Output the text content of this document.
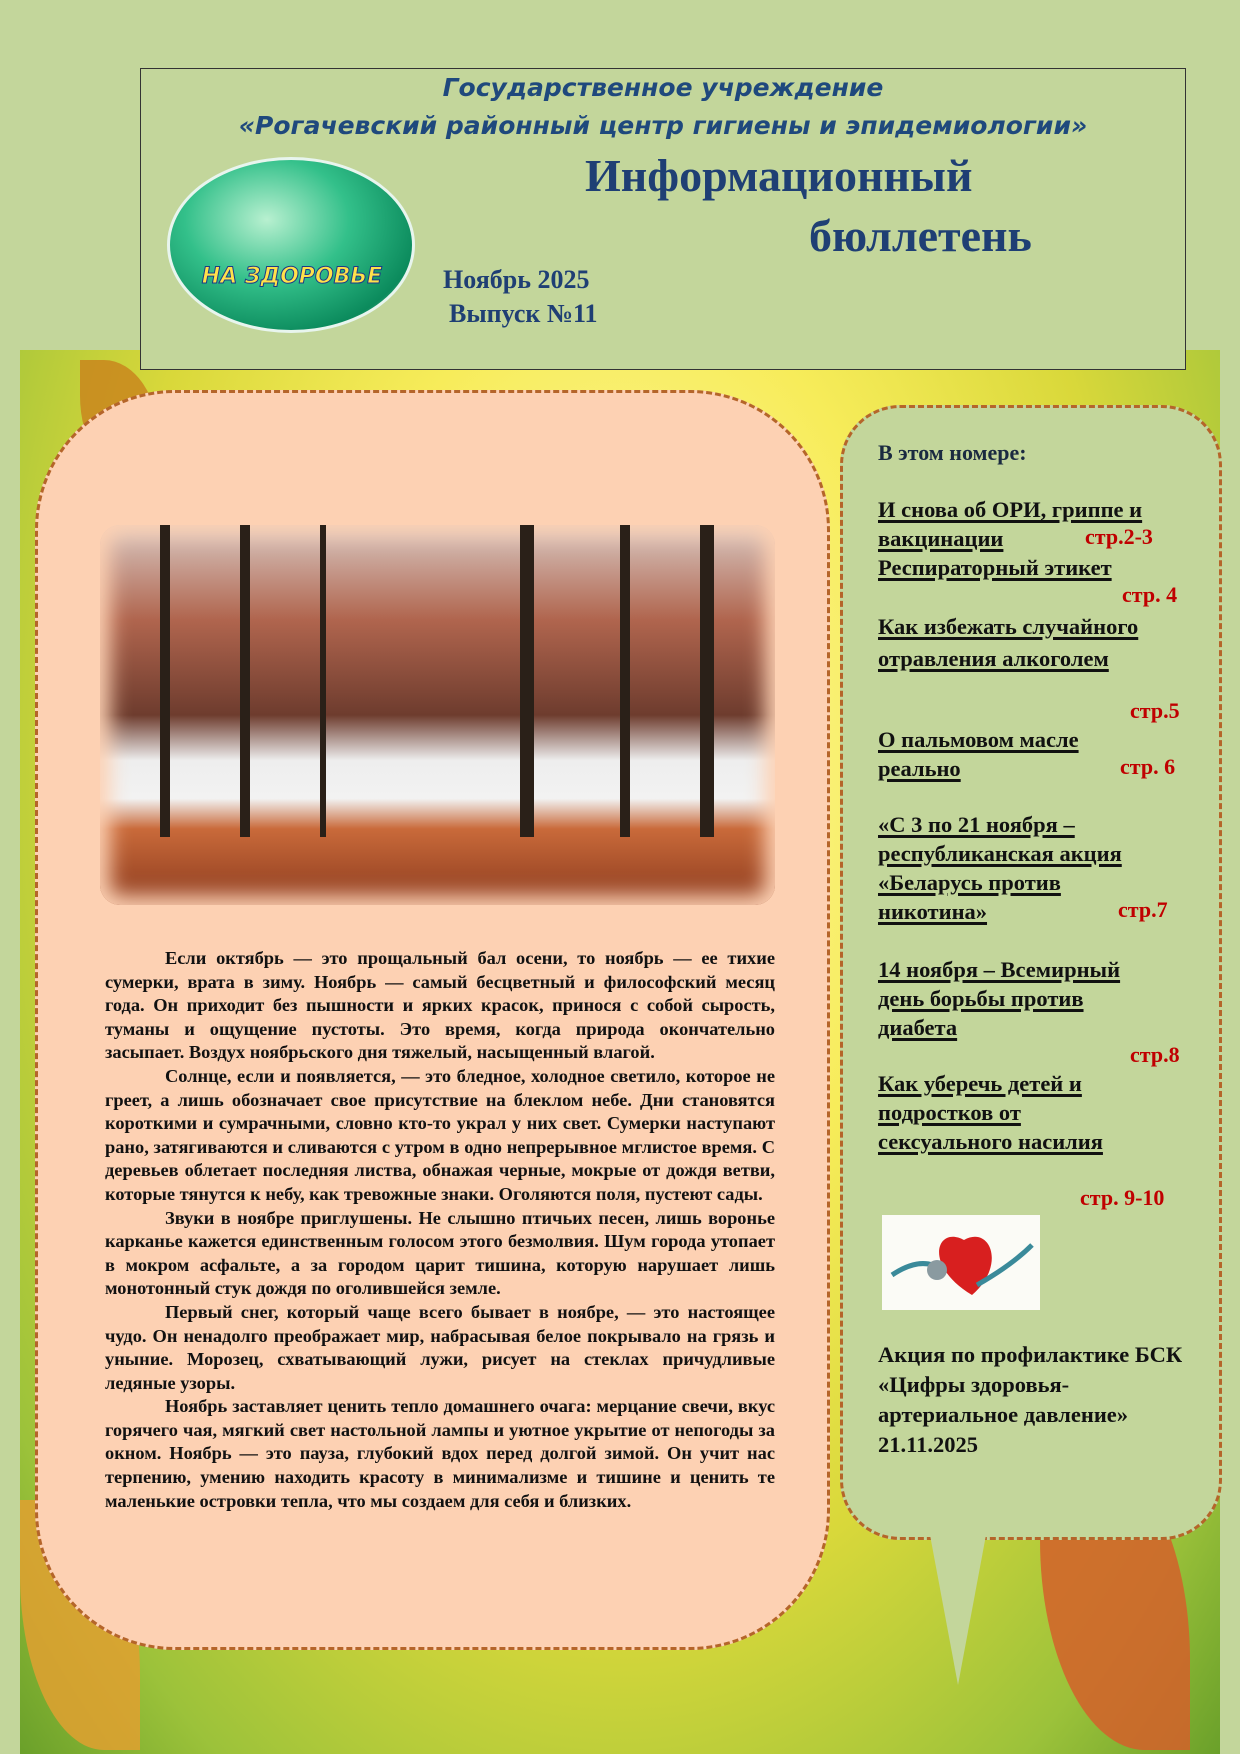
Государственное учреждение
«Рогачевский районный центр гигиены и эпидемиологии»
Информационный
бюллетень
Ноябрь 2025
Выпуск №11
НА ЗДОРОВЬЕ

Если октябрь — это прощальный бал осени, то ноябрь — ее тихие сумерки, врата в зиму. Ноябрь — самый бесцветный и философский месяц года. Он приходит без пышности и ярких красок, принося с собой сырость, туманы и ощущение пустоты. Это время, когда природа окончательно засыпает. Воздух ноябрьского дня тяжелый, насыщенный влагой.

Солнце, если и появляется, — это бледное, холодное светило, которое не греет, а лишь обозначает свое присутствие на блеклом небе. Дни становятся короткими и сумрачными, словно кто-то украл у них свет. Сумерки наступают рано, затягиваются и сливаются с утром в одно непрерывное мглистое время. С деревьев облетает последняя листва, обнажая черные, мокрые от дождя ветви, которые тянутся к небу, как тревожные знаки. Оголяются поля, пустеют сады.

Звуки в ноябре приглушены. Не слышно птичьих песен, лишь воронье карканье кажется единственным голосом этого безмолвия. Шум города утопает в мокром асфальте, а за городом царит тишина, которую нарушает лишь монотонный стук дождя по оголившейся земле.

Первый снег, который чаще всего бывает в ноябре, — это настоящее чудо. Он ненадолго преображает мир, набрасывая белое покрывало на грязь и уныние. Морозец, схватывающий лужи, рисует на стеклах причудливые ледяные узоры.

Ноябрь заставляет ценить тепло домашнего очага: мерцание свечи, вкус горячего чая, мягкий свет настольной лампы и уютное укрытие от непогоды за окном. Ноябрь — это пауза, глубокий вдох перед долгой зимой. Он учит нас терпению, умению находить красоту в минимализме и тишине и ценить те маленькие островки тепла, что мы создаем для себя и близких.

В этом номере:
И снова об ОРИ, гриппе и вакцинации	стр.2-3
Респираторный этикет
стр. 4
Как избежать случайного отравления алкоголем
стр.5
О пальмовом масле реально	стр. 6
«С 3 по 21 ноября – республиканская акция «Беларусь против никотина»	стр.7
14 ноября – Всемирный день борьбы против диабета
стр.8
Как уберечь детей и подростков от сексуального насилия
стр. 9-10
Акция по профилактике БСК «Цифры здоровья-артериальное давление» 21.11.2025
